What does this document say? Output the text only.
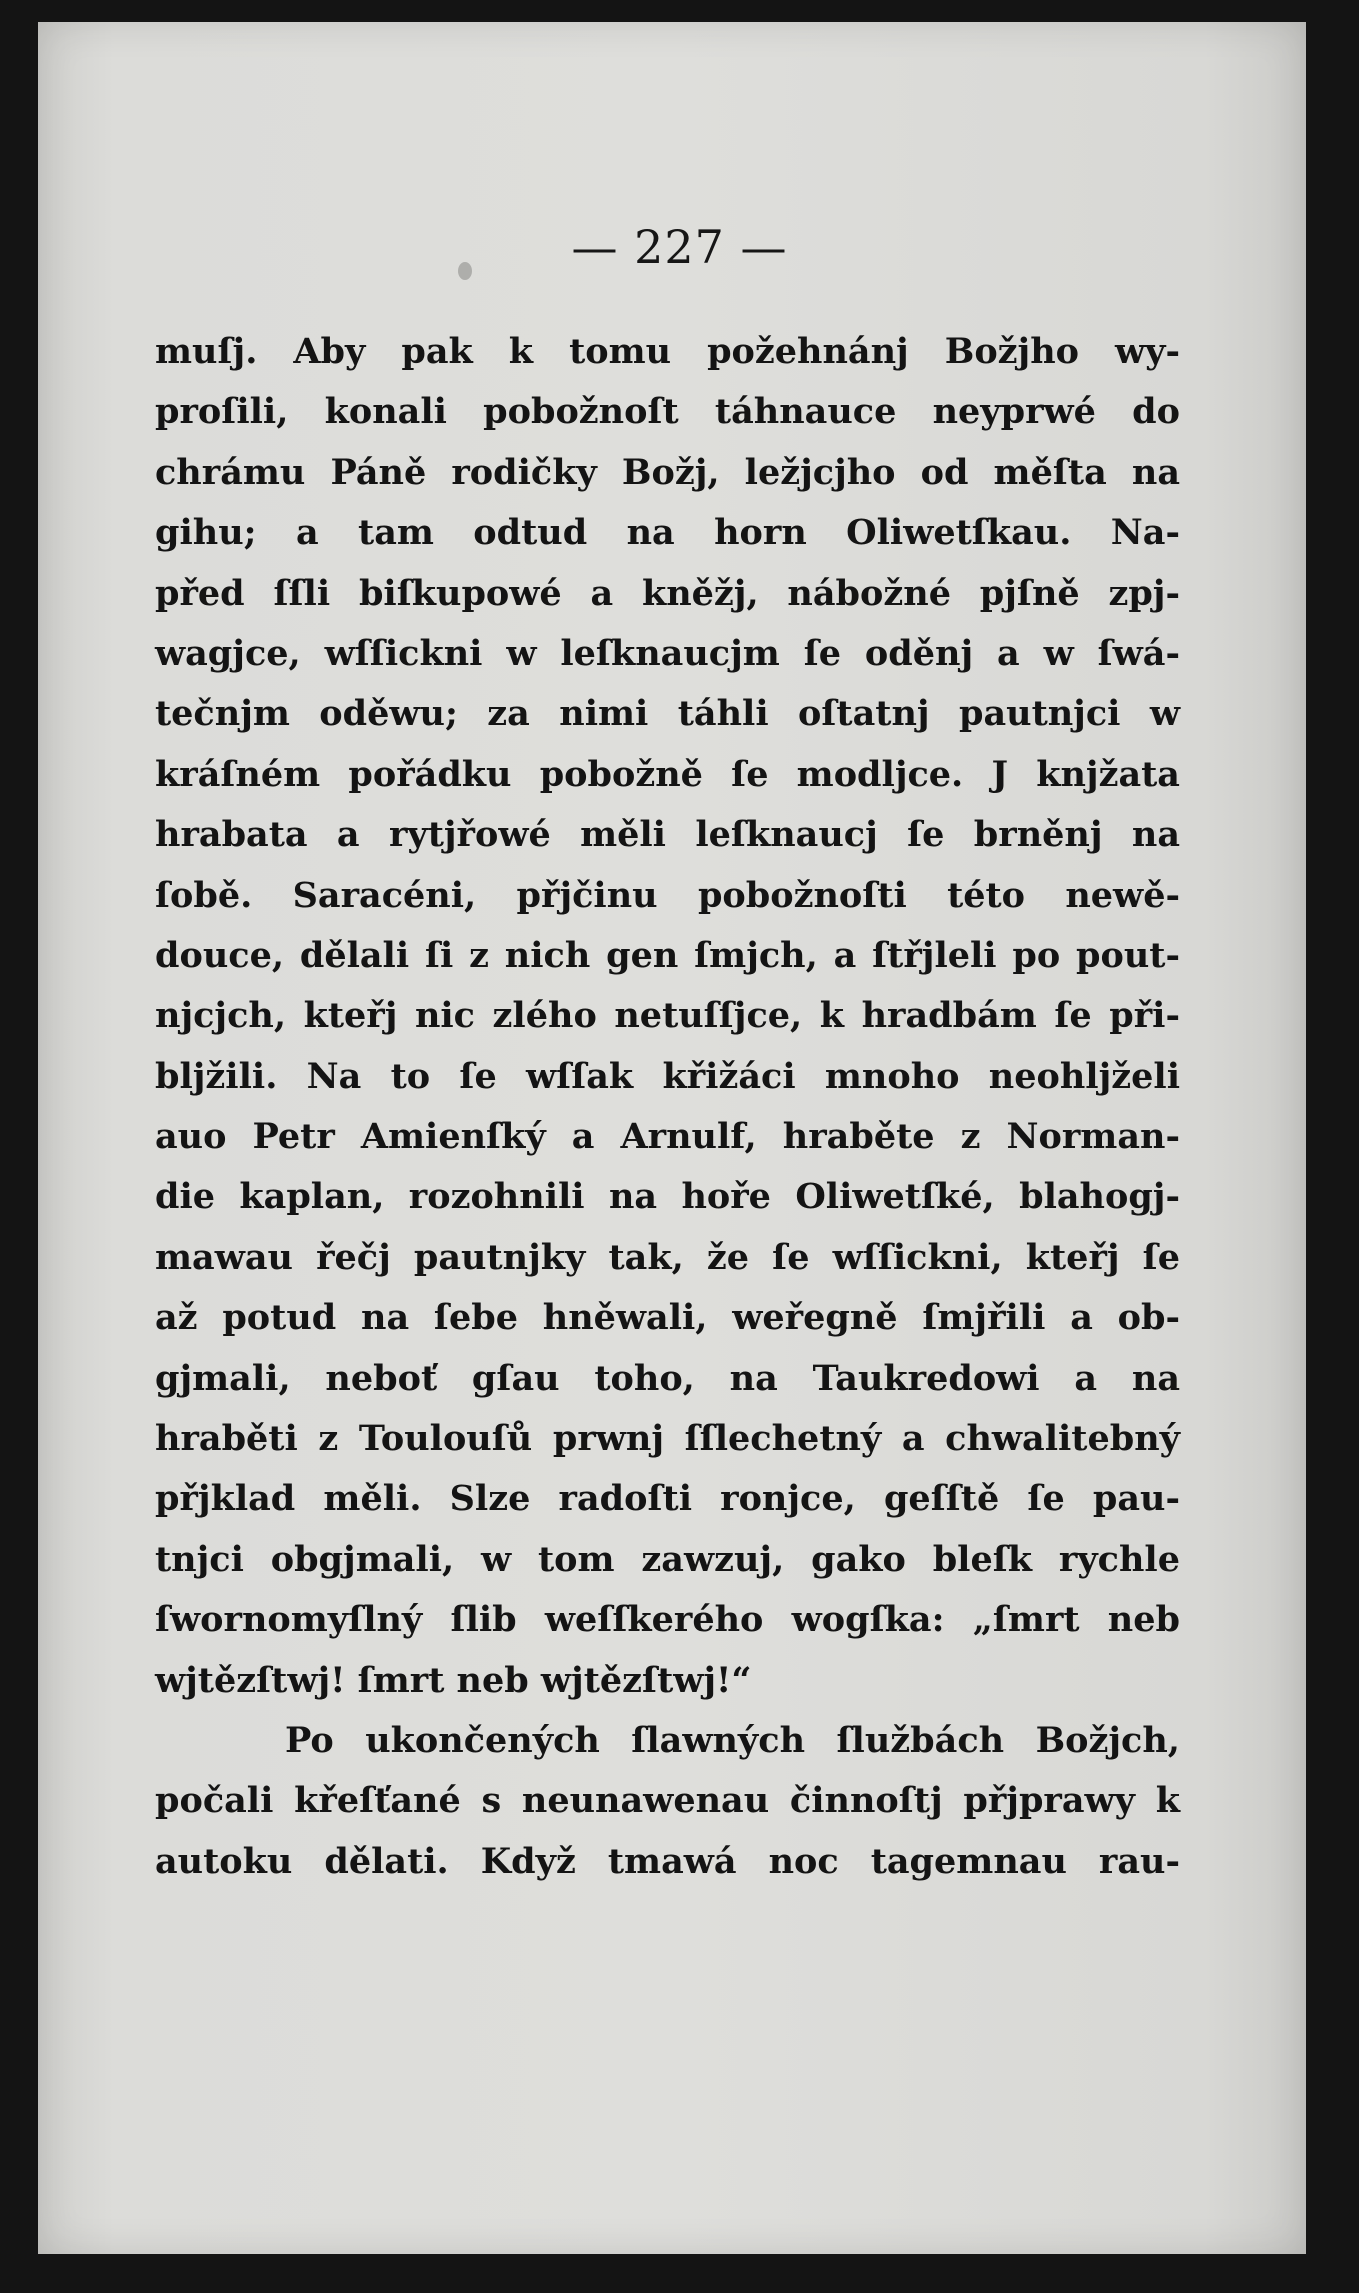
— 227 —
muſj. Aby pak k tomu požehnánj Božjho wy-
proſili, konali pobožnoſt táhnauce neyprwé do
chrámu Páně rodičky Božj, ležjcjho od měſta na
gihu; a tam odtud na horn Oliwetſkau. Na-
před ſſli biſkupowé a kněžj, nábožné pjſně zpj-
wagjce, wſſickni w leſknaucjm ſe oděnj a w ſwá-
tečnjm oděwu; za nimi táhli oſtatnj pautnjci w
kráſném pořádku pobožně ſe modljce. J knjžata
hrabata a rytjřowé měli leſknaucj ſe brněnj na
ſobě. Saracéni, přjčinu pobožnoſti této newě-
douce, dělali ſi z nich gen ſmjch, a ſtřjleli po pout-
njcjch, kteřj nic zlého netuſſjce, k hradbám ſe při-
bljžili. Na to ſe wſſak křižáci mnoho neohljželi
auo Petr Amienſký a Arnulf, hraběte z Norman-
die kaplan, rozohnili na hoře Oliwetſké, blahogj-
mawau řečj pautnjky tak, že ſe wſſickni, kteřj ſe
až potud na ſebe hněwali, weřegně ſmjřili a ob-
gjmali, neboť gſau toho, na Taukredowi a na
hraběti z Toulouſů prwnj ſſlechetný a chwalitebný
přjklad měli. Slze radoſti ronjce, geſſtě ſe pau-
tnjci obgjmali, w tom zawzuj, gako bleſk rychle
ſwornomyſlný ſlib weſſkerého wogſka: „ſmrt neb
wjtězſtwj! ſmrt neb wjtězſtwj!“
Po ukončených ſlawných ſlužbách Božjch,
počali křeſťané s neunawenau činnoſtj přjprawy k
autoku dělati. Když tmawá noc tagemnau rau-
